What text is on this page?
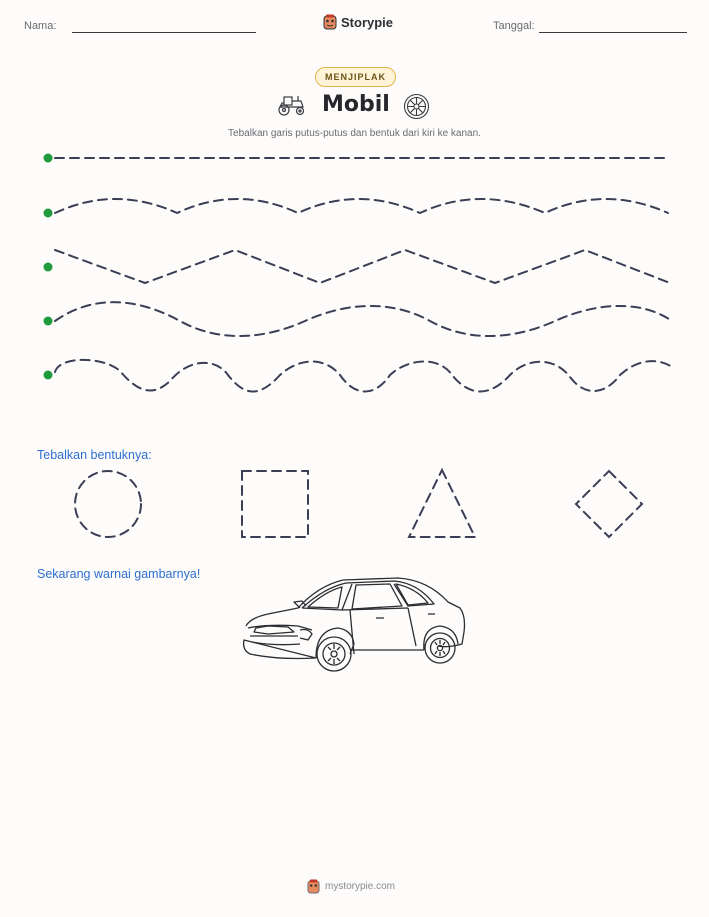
Nama:	Storypie	Tanggal:
MENJIPLAK
Mobil
Tebalkan garis putus-putus dan bentuk dari kiri ke kanan.
Tebalkan bentuknya:
Sekarang warnai gambarnya!
mystorypie.com
